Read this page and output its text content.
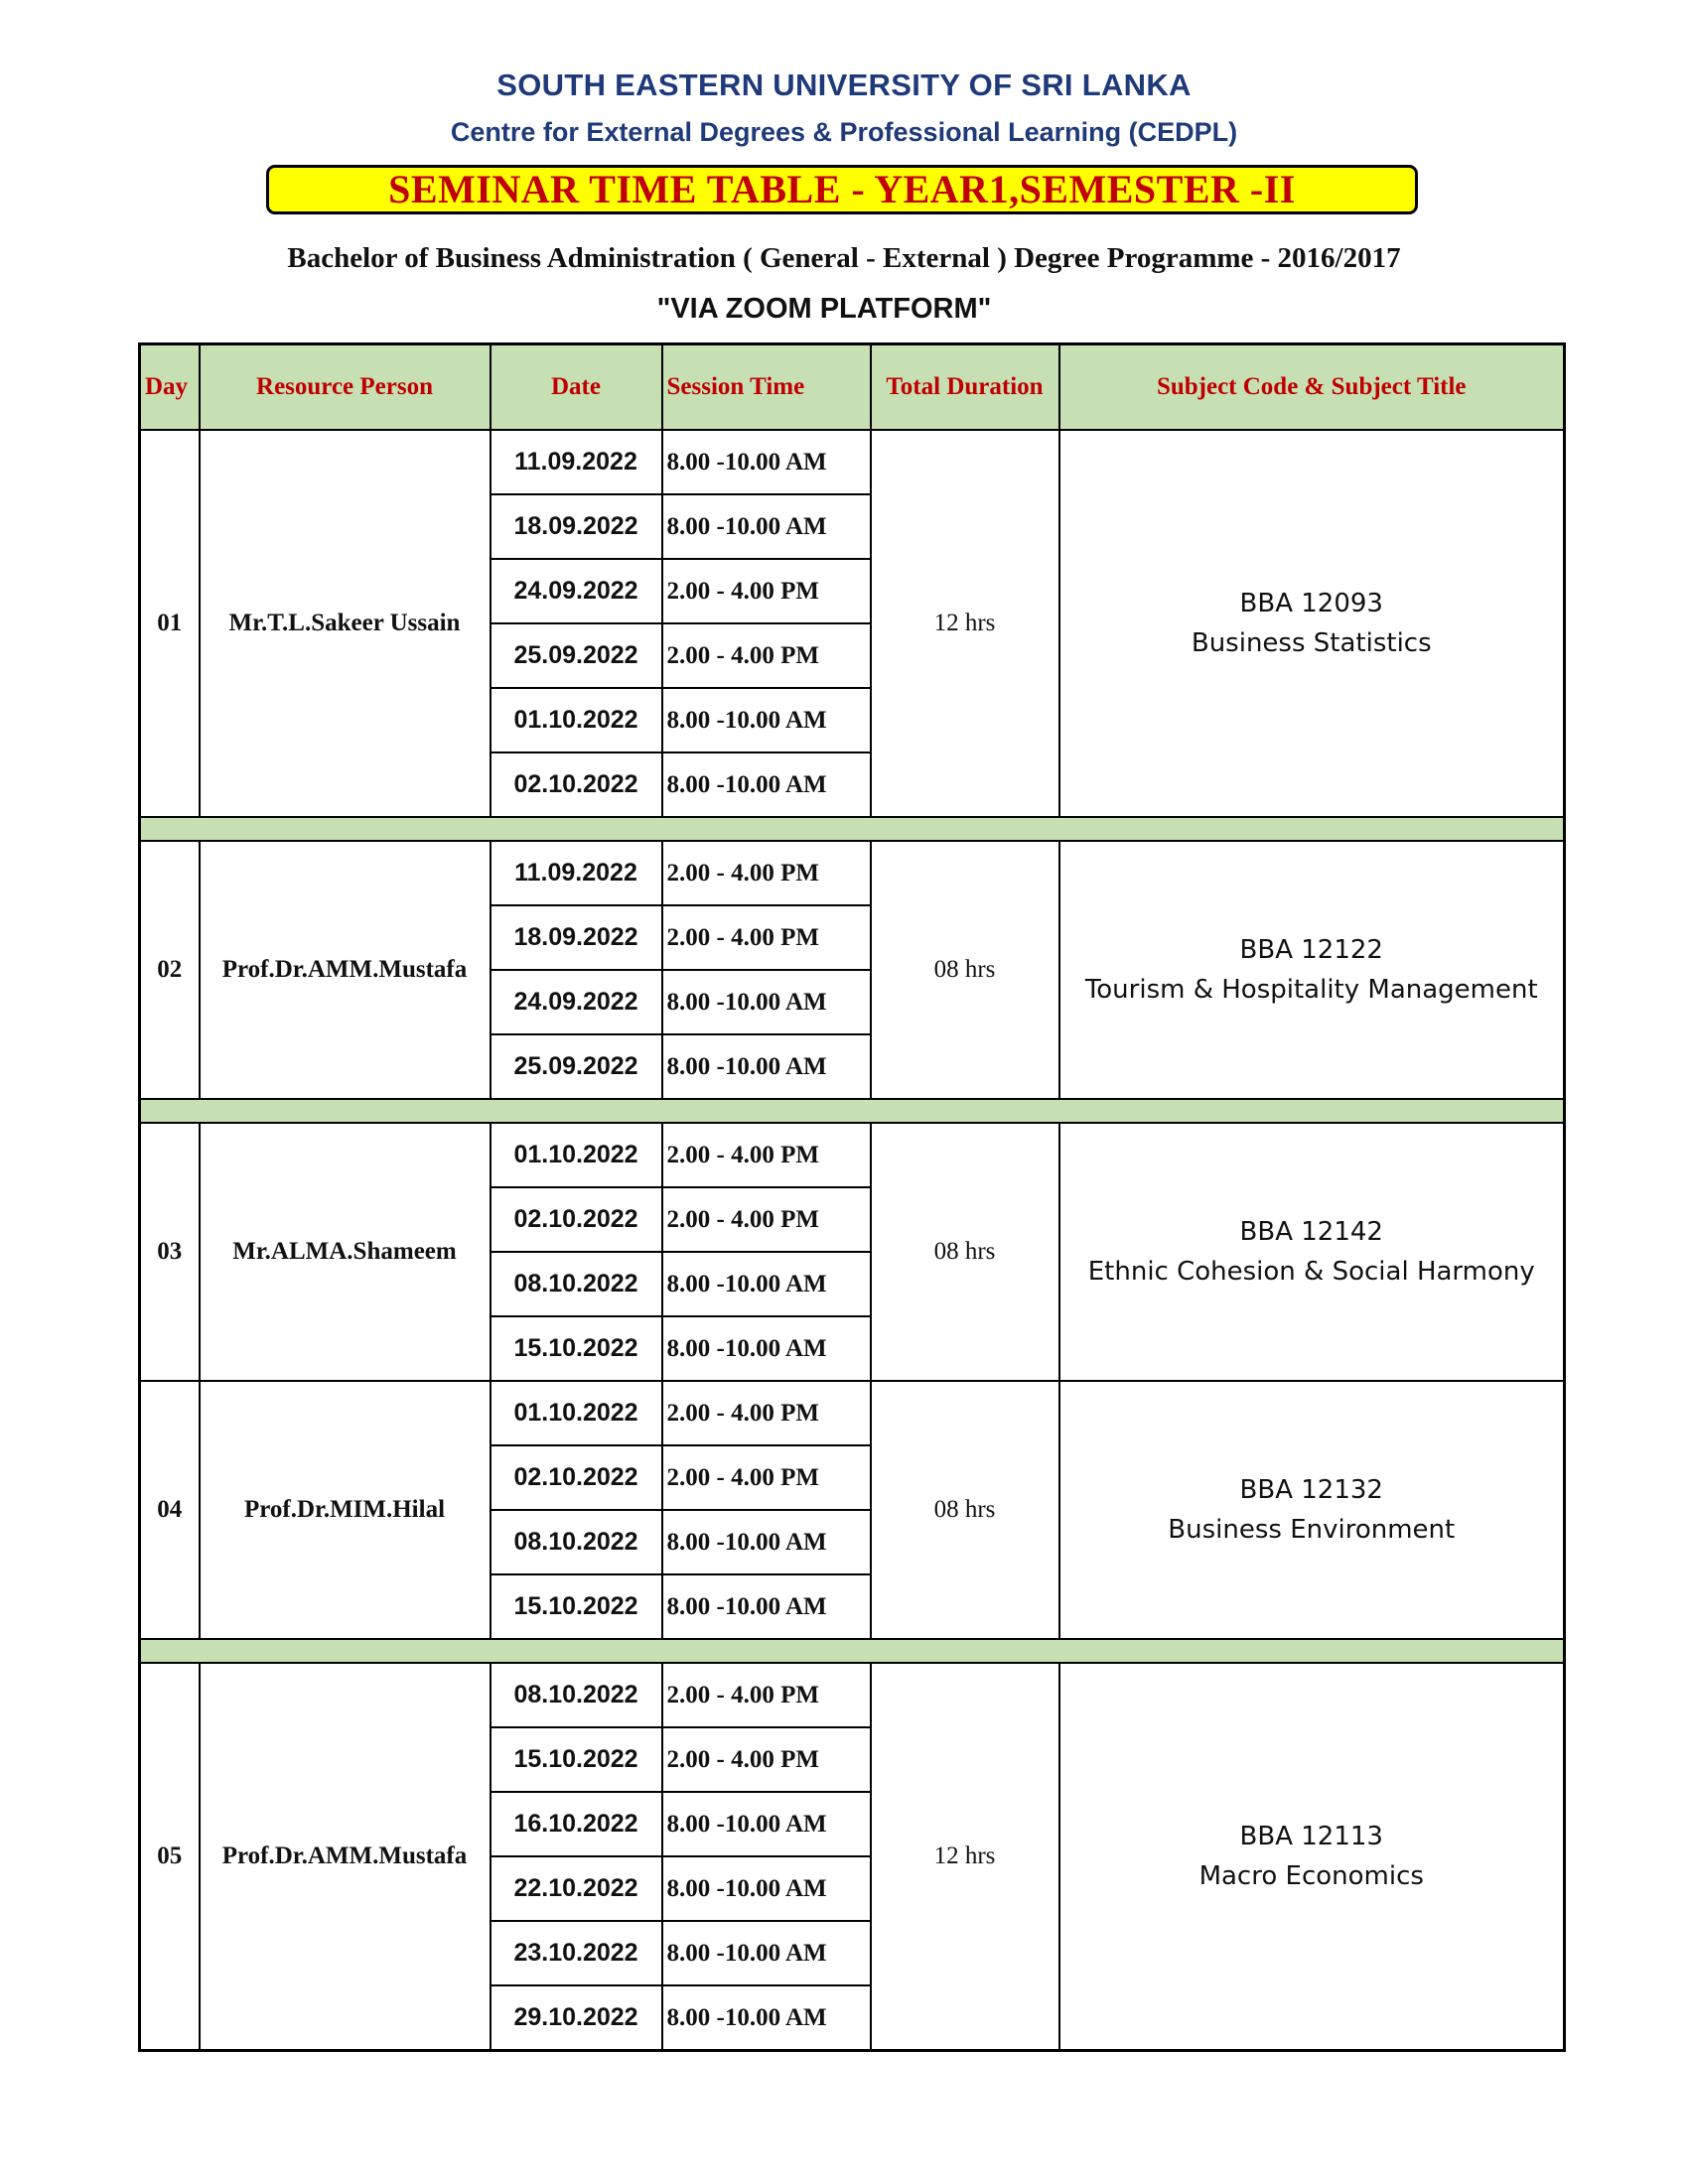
SOUTH EASTERN UNIVERSITY OF SRI LANKA
Centre for External Degrees & Professional Learning (CEDPL)
SEMINAR TIME TABLE - YEAR1,SEMESTER -II
Bachelor of Business Administration ( General - External ) Degree Programme - 2016/2017
"VIA ZOOM PLATFORM"
Day	Resource Person	Date	Session Time	Total Duration	Subject Code & Subject Title
01	Mr.T.L.Sakeer Ussain	11.09.2022	8.00 -10.00 AM	12 hrs	BBA 12093
Business Statistics

		18.09.2022	8.00 -10.00 AM		
		24.09.2022	2.00 - 4.00 PM		
		25.09.2022	2.00 - 4.00 PM		
		01.10.2022	8.00 -10.00 AM		
		02.10.2022	8.00 -10.00 AM		

02	Prof.Dr.AMM.Mustafa	11.09.2022	2.00 - 4.00 PM	08 hrs	BBA 12122
Tourism & Hospitality Management

		18.09.2022	2.00 - 4.00 PM		
		24.09.2022	8.00 -10.00 AM		
		25.09.2022	8.00 -10.00 AM		

03	Mr.ALMA.Shameem	01.10.2022	2.00 - 4.00 PM	08 hrs	BBA 12142
Ethnic Cohesion & Social Harmony

		02.10.2022	2.00 - 4.00 PM		
		08.10.2022	8.00 -10.00 AM		
		15.10.2022	8.00 -10.00 AM		
04	Prof.Dr.MIM.Hilal	01.10.2022	2.00 - 4.00 PM	08 hrs	BBA 12132
Business Environment

		02.10.2022	2.00 - 4.00 PM		
		08.10.2022	8.00 -10.00 AM		
		15.10.2022	8.00 -10.00 AM		

05	Prof.Dr.AMM.Mustafa	08.10.2022	2.00 - 4.00 PM	12 hrs	BBA 12113
Macro Economics

		15.10.2022	2.00 - 4.00 PM		
		16.10.2022	8.00 -10.00 AM		
		22.10.2022	8.00 -10.00 AM		
		23.10.2022	8.00 -10.00 AM		
		29.10.2022	8.00 -10.00 AM		
